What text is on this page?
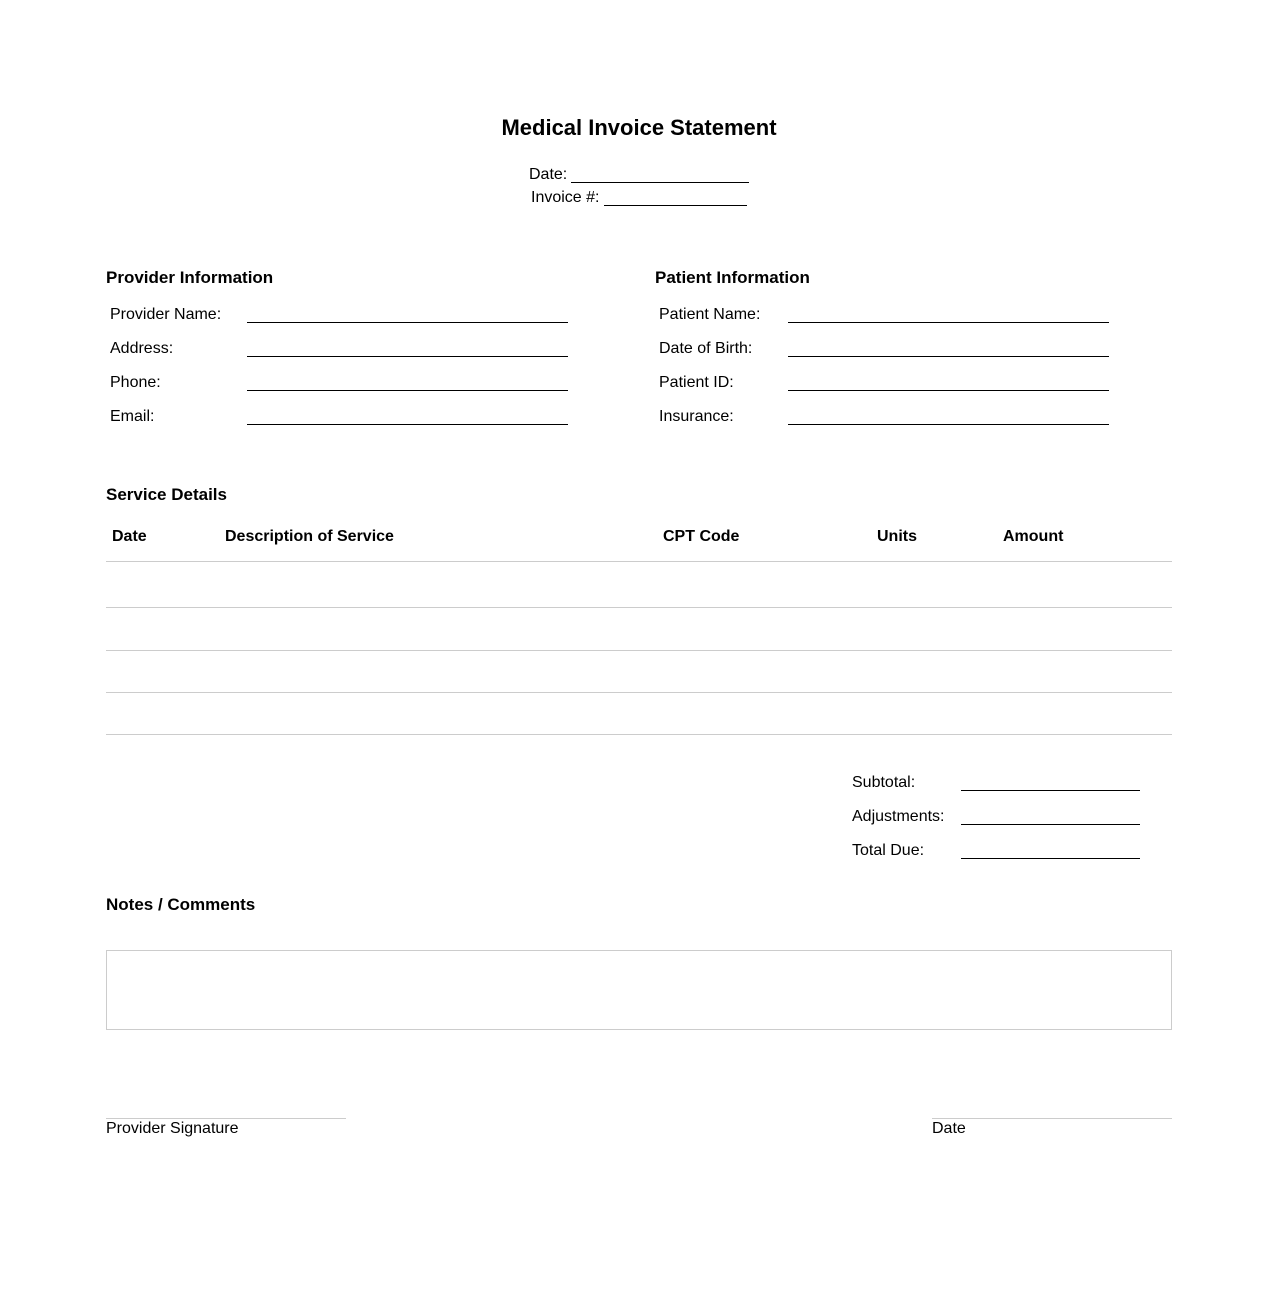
Medical Invoice Statement
Date:
Invoice #:
Provider Information
Provider Name:
Address:
Phone:
Email:
Patient Information
Patient Name:
Date of Birth:
Patient ID:
Insurance:
Service Details
Date	Description of Service	CPT Code	Units	Amount
Subtotal:
Adjustments:
Total Due:
Notes / Comments
Provider Signature	Date
